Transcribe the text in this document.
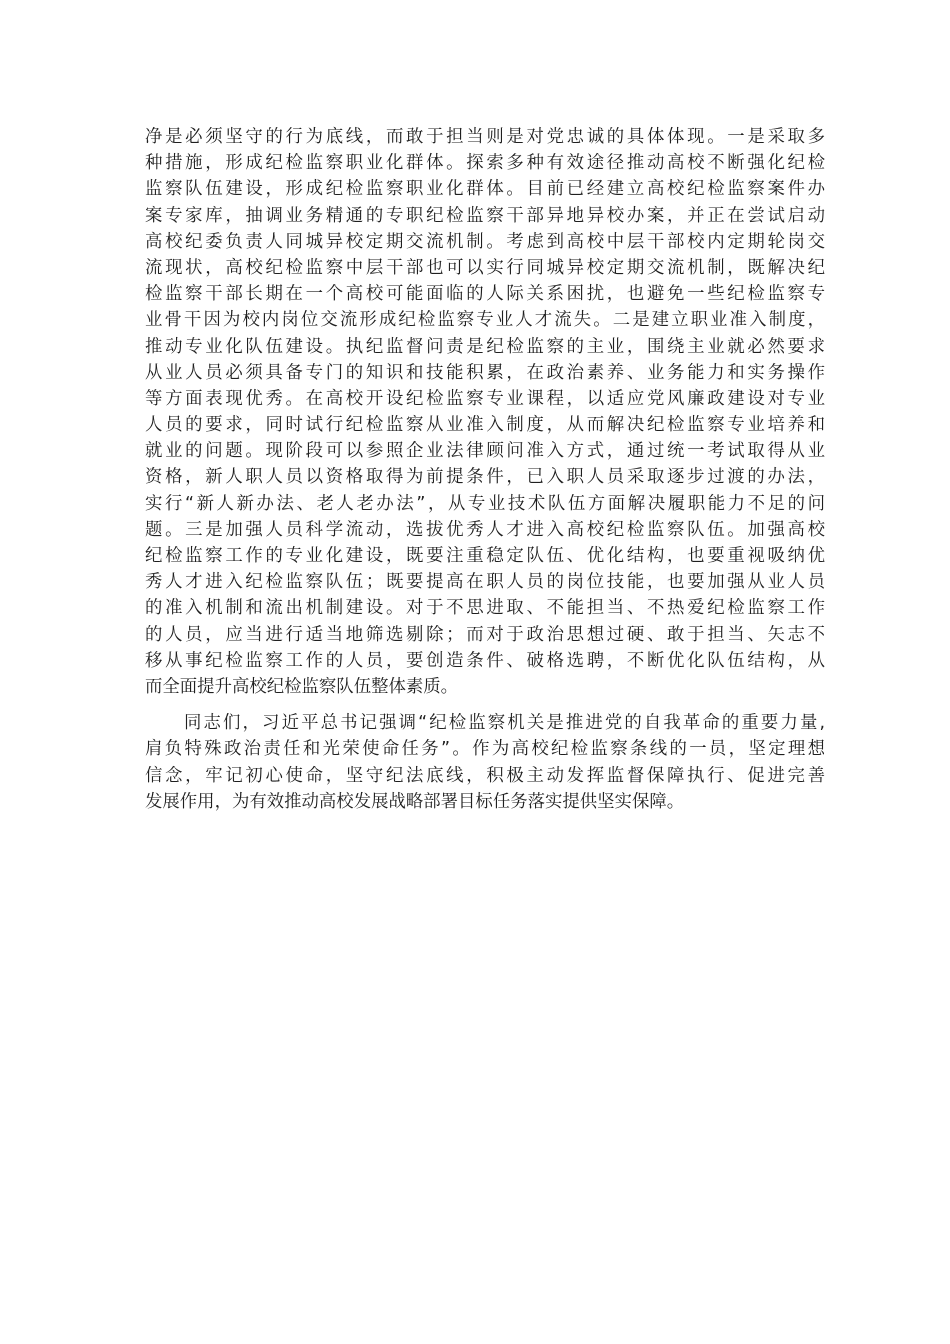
净是必须坚守的行为底线，而敢于担当则是对党忠诚的具体体现。一是采取多
种措施，形成纪检监察职业化群体。探索多种有效途径推动高校不断强化纪检
监察队伍建设，形成纪检监察职业化群体。目前已经建立高校纪检监察案件办
案专家库，抽调业务精通的专职纪检监察干部异地异校办案，并正在尝试启动
高校纪委负责人同城异校定期交流机制。考虑到高校中层干部校内定期轮岗交
流现状，高校纪检监察中层干部也可以实行同城异校定期交流机制，既解决纪
检监察干部长期在一个高校可能面临的人际关系困扰，也避免一些纪检监察专
业骨干因为校内岗位交流形成纪检监察专业人才流失。二是建立职业准入制度，
推动专业化队伍建设。执纪监督问责是纪检监察的主业，围绕主业就必然要求
从业人员必须具备专门的知识和技能积累，在政治素养、业务能力和实务操作
等方面表现优秀。在高校开设纪检监察专业课程，以适应党风廉政建设对专业
人员的要求，同时试行纪检监察从业准入制度，从而解决纪检监察专业培养和
就业的问题。现阶段可以参照企业法律顾问准入方式，通过统一考试取得从业
资格，新人职人员以资格取得为前提条件，已入职人员采取逐步过渡的办法，
实行“新人新办法、老人老办法”，从专业技术队伍方面解决履职能力不足的问
题。三是加强人员科学流动，选拔优秀人才进入高校纪检监察队伍。加强高校
纪检监察工作的专业化建设，既要注重稳定队伍、优化结构，也要重视吸纳优
秀人才进入纪检监察队伍；既要提高在职人员的岗位技能，也要加强从业人员
的准入机制和流出机制建设。对于不思进取、不能担当、不热爱纪检监察工作
的人员，应当进行适当地筛选剔除；而对于政治思想过硬、敢于担当、矢志不
移从事纪检监察工作的人员，要创造条件、破格选聘，不断优化队伍结构，从
而全面提升高校纪检监察队伍整体素质。
　　同志们，习近平总书记强调“纪检监察机关是推进党的自我革命的重要力量,
肩负特殊政治责任和光荣使命任务”。作为高校纪检监察条线的一员，坚定理想
信念，牢记初心使命，坚守纪法底线，积极主动发挥监督保障执行、促进完善
发展作用，为有效推动高校发展战略部署目标任务落实提供坚实保障。
